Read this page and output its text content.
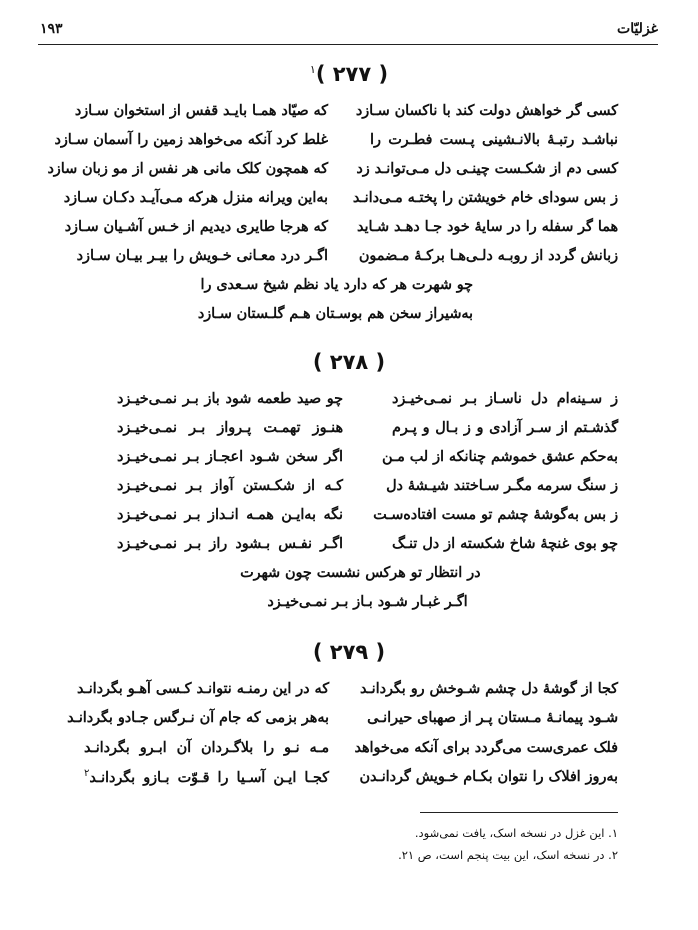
۱۹۳	غزلیّات
( ۲۷۷ )$^۱$
کسی گر خواهش دولت کند با ناکسان سـازد
که صیّاد همـا بایـد قفس از استخوان سـازد
نباشـد رتبـهٔ بالانـشینی پـست فطـرت را
غلط کرد آنکه می‌خواهد زمین را آسمان سـازد
کسی دم از شکـست چینـی دل مـی‌توانـد زد
که همچون کلک مانی هر نفس از مو زبان سازد
ز بس سودای خام خویشتن را پختـه مـی‌دانـد
به‌این ویرانه منزل هرکه مـی‌آیـد دکـان سـازد
هما گر سفله را در سایهٔ خود جـا دهـد شـاید
که هرجا طایری دیدیم از خـس آشـیان سـازد
زبانش گردد از روبـه دلـی‌هـا برکـهٔ مـضمون
اگـر درد معـانی خـویش را بیـر بیـان سـازد
چو شهرت هر که دارد یاد نظم شیخ سـعدی را
به‌شیراز سخن هم بوسـتان هـم گلـستان سـازد
( ۲۷۸ )
ز سـینه‌ام دل ناسـاز بـر نمـی‌خیـزد
چو صید طعمه شود باز بـر نمـی‌خیـزد
گذشـتم از سـر آزادی و ز بـال و پـرم
هنـوز تهمـت پـرواز بـر نمـی‌خیـزد
به‌حکم عشق خموشم چنانکه از لب مـن
اگر سخن شـود اعجـاز بـر نمـی‌خیـزد
ز سنگ سرمه مگـر سـاختند شیـشهٔ دل
کـه از شکـستن آواز بـر نمـی‌خیـزد
ز بس به‌گوشهٔ چشم تو مست افتاده‌سـت
نگه به‌ایـن همـه انـداز بـر نمـی‌خیـزد
چو بوی غنچهٔ شاخ شکسته از دل تنـگ
اگـر نفـس بـشود راز بـر نمـی‌خیـزد
در انتظار تو هرکس نشست چون شهرت
اگـر غبـار شـود بـاز بـر نمـی‌خیـزد
( ۲۷۹ )
کجا از گوشهٔ دل چشم شـوخش رو بگردانـد
که در این رمنـه نتوانـد کـسی آهـو بگردانـد
شـود پیمانـهٔ مـستان پـر از صهبای حیرانـی
به‌هر بزمی که جام آن نـرگس جـادو بگردانـد
فلک عمری‌ست می‌گردد برای آنکه می‌خواهد
مـه نـو را بلاگـردان آن ابـرو بگردانـد
به‌روز افلاک را نتوان بکـام خـویش گردانـدن
کجـا ایـن آسـیا را قـوّت بـازو بگردانـد$^۲$
۱. این غزل در نسخه اسک، یافت نمی‌شود.
۲. در نسخه اسک، این بیت پنجم است، ص ۲۱.
